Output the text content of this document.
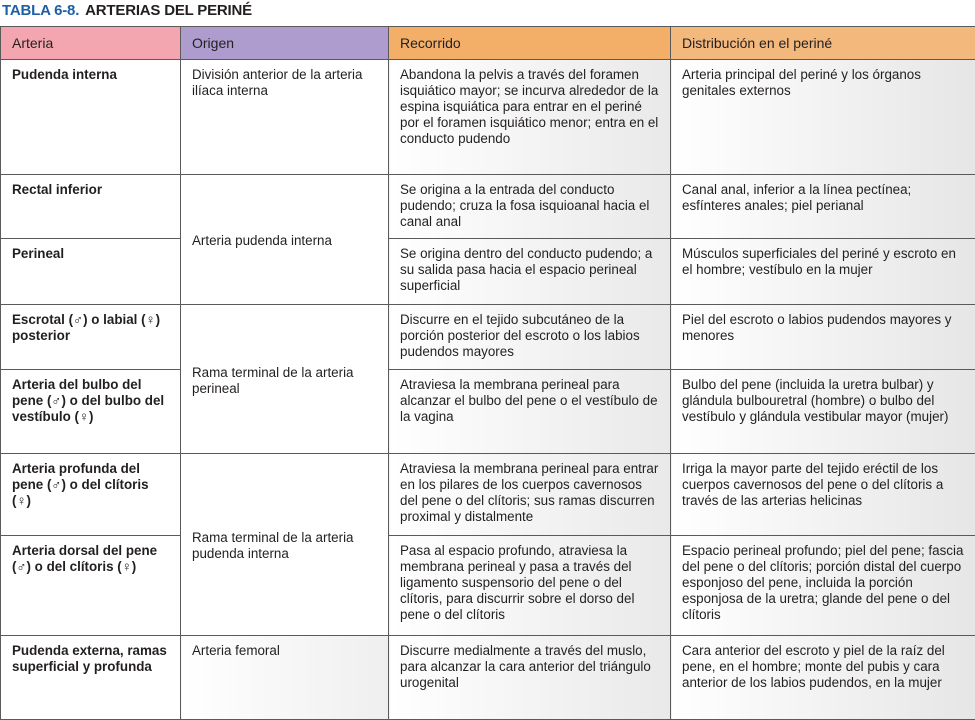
TABLA 6-8. ARTERIAS DEL PERINÉ
Arteria	Origen	Recorrido	Distribución en el periné
Pudenda interna	División anterior de la arteria ilíaca interna	Abandona la pelvis a través del foramen isquiático mayor; se incurva alrededor de la espina isquiática para entrar en el periné por el foramen isquiático menor; entra en el conducto pudendo	Arteria principal del periné y los órganos genitales externos
Rectal inferior	Arteria pudenda interna	Se origina a la entrada del conducto pudendo; cruza la fosa isquioanal hacia el canal anal	Canal anal, inferior a la línea pectínea; esfínteres anales; piel perianal
Perineal		Se origina dentro del conducto pudendo; a su salida pasa hacia el espacio perineal superficial	Músculos superficiales del periné y escroto en el hombre; vestíbulo en la mujer
Escrotal (♂) o labial (♀) posterior	Rama terminal de la arteria perineal	Discurre en el tejido subcutáneo de la porción posterior del escroto o los labios pudendos mayores	Piel del escroto o labios pudendos mayores y menores
Arteria del bulbo del pene (♂) o del bulbo del vestíbulo (♀)		Atraviesa la membrana perineal para alcanzar el bulbo del pene o el vestíbulo de la vagina	Bulbo del pene (incluida la uretra bulbar) y glándula bulbouretral (hombre) o bulbo del vestíbulo y glándula vestibular mayor (mujer)
Arteria profunda del pene (♂) o del clítoris (♀)	Rama terminal de la arteria pudenda interna	Atraviesa la membrana perineal para entrar en los pilares de los cuerpos cavernosos del pene o del clítoris; sus ramas discurren proximal y distalmente	Irriga la mayor parte del tejido eréctil de los cuerpos cavernosos del pene o del clítoris a través de las arterias helicinas
Arteria dorsal del pene (♂) o del clítoris (♀)		Pasa al espacio profundo, atraviesa la membrana perineal y pasa a través del ligamento suspensorio del pene o del clítoris, para discurrir sobre el dorso del pene o del clítoris	Espacio perineal profundo; piel del pene; fascia del pene o del clítoris; porción distal del cuerpo esponjoso del pene, incluida la porción esponjosa de la uretra; glande del pene o del clítoris
Pudenda externa, ramas superficial y profunda	Arteria femoral	Discurre medialmente a través del muslo, para alcanzar la cara anterior del triángulo urogenital	Cara anterior del escroto y piel de la raíz del pene, en el hombre; monte del pubis y cara anterior de los labios pudendos, en la mujer
